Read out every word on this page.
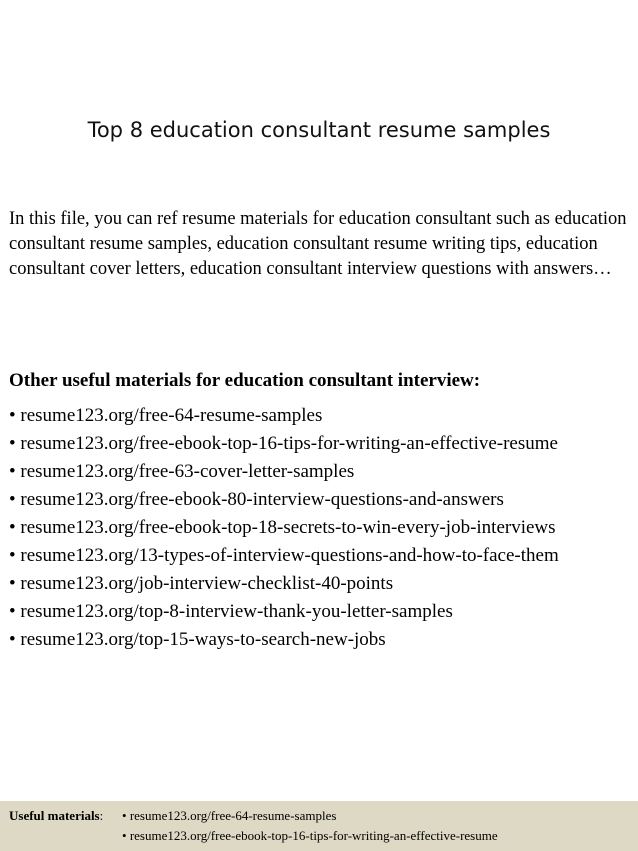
Top 8 education consultant resume samples

In this file, you can ref resume materials for education consultant such as education consultant resume samples, education consultant resume writing tips, education consultant cover letters, education consultant interview questions with answers…

Other useful materials for education consultant interview:

• resume123.org/free-64-resume-samples
• resume123.org/free-ebook-top-16-tips-for-writing-an-effective-resume
• resume123.org/free-63-cover-letter-samples
• resume123.org/free-ebook-80-interview-questions-and-answers
• resume123.org/free-ebook-top-18-secrets-to-win-every-job-interviews
• resume123.org/13-types-of-interview-questions-and-how-to-face-them
• resume123.org/job-interview-checklist-40-points
• resume123.org/top-8-interview-thank-you-letter-samples
• resume123.org/top-15-ways-to-search-new-jobs
Useful materials: • resume123.org/free-64-resume-samples
• resume123.org/free-ebook-top-16-tips-for-writing-an-effective-resume
